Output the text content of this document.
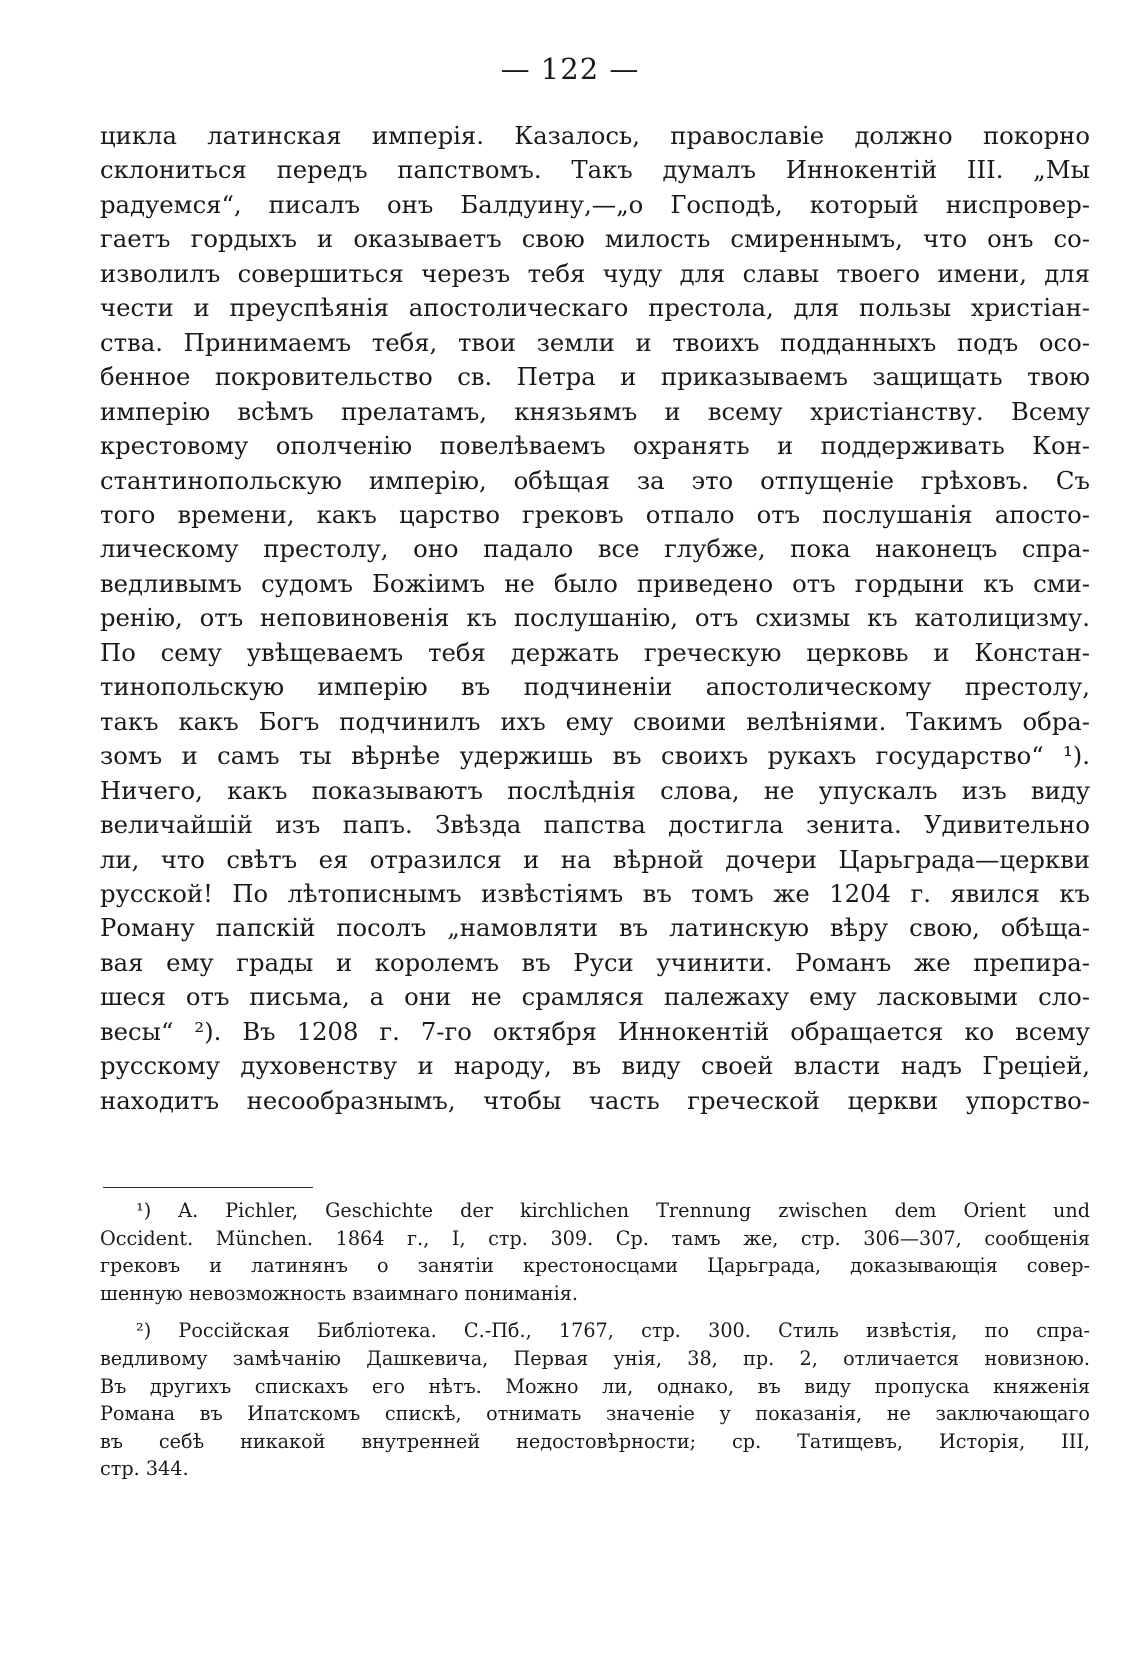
— 122 —
цикла латинская имперія. Казалось, православіе должно покорно
склониться передъ папствомъ. Такъ думалъ Иннокентій III. „Мы
радуемся“, писалъ онъ Балдуину,—„о Господѣ, который ниспровер-
гаетъ гордыхъ и оказываетъ свою милость смиреннымъ, что онъ со-
изволилъ совершиться черезъ тебя чуду для славы твоего имени, для
чести и преуспѣянія апостолическаго престола, для пользы христіан-
ства. Принимаемъ тебя, твои земли и твоихъ подданныхъ подъ осо-
бенное покровительство св. Петра и приказываемъ защищать твою
имперію всѣмъ прелатамъ, князьямъ и всему христіанству. Всему
крестовому ополченію повелѣваемъ охранять и поддерживать Кон-
стантинопольскую имперію, обѣщая за это отпущеніе грѣховъ. Съ
того времени, какъ царство грековъ отпало отъ послушанія апосто-
лическому престолу, оно падало все глубже, пока наконецъ спра-
ведливымъ судомъ Божіимъ не было приведено отъ гордыни къ сми-
ренію, отъ неповиновенія къ послушанію, отъ схизмы къ католицизму.
По сему увѣщеваемъ тебя держать греческую церковь и Констан-
тинопольскую имперію въ подчиненіи апостолическому престолу,
такъ какъ Богъ подчинилъ ихъ ему своими велѣніями. Такимъ обра-
зомъ и самъ ты вѣрнѣе удержишь въ своихъ рукахъ государство“ ¹).
Ничего, какъ показываютъ послѣднія слова, не упускалъ изъ виду
величайшій изъ папъ. Звѣзда папства достигла зенита. Удивительно
ли, что свѣтъ ея отразился и на вѣрной дочери Царьграда—церкви
русской! По лѣтописнымъ извѣстіямъ въ томъ же 1204 г. явился къ
Роману папскій посолъ „намовляти въ латинскую вѣру свою, обѣща-
вая ему грады и королемъ въ Руси учинити. Романъ же препира-
шеся отъ письма, а они не срамляся палежаху ему ласковыми сло-
весы“ ²). Въ 1208 г. 7-го октября Иннокентій обращается ко всему
русскому духовенству и народу, въ виду своей власти надъ Греціей,
находитъ несообразнымъ, чтобы часть греческой церкви упорство-
¹) A. Pichler, Geschichte der kirchlichen Trennung zwischen dem Orient und
Occident. München. 1864 г., I, стр. 309. Ср. тамъ же, стр. 306—307, сообщенія
грековъ и латинянъ о занятіи крестоносцами Царьграда, доказывающія совер-
шенную невозможность взаимнаго пониманія.
²) Россійская Библіотека. С.-Пб., 1767, стр. 300. Стиль извѣстія, по спра-
ведливому замѣчанію Дашкевича, Первая унія, 38, пр. 2, отличается новизною.
Въ другихъ спискахъ его нѣтъ. Можно ли, однако, въ виду пропуска княженія
Романа въ Ипатскомъ спискѣ, отнимать значеніе у показанія, не заключающаго
въ себѣ никакой внутренней недостовѣрности; ср. Татищевъ, Исторія, III,
стр. 344.
